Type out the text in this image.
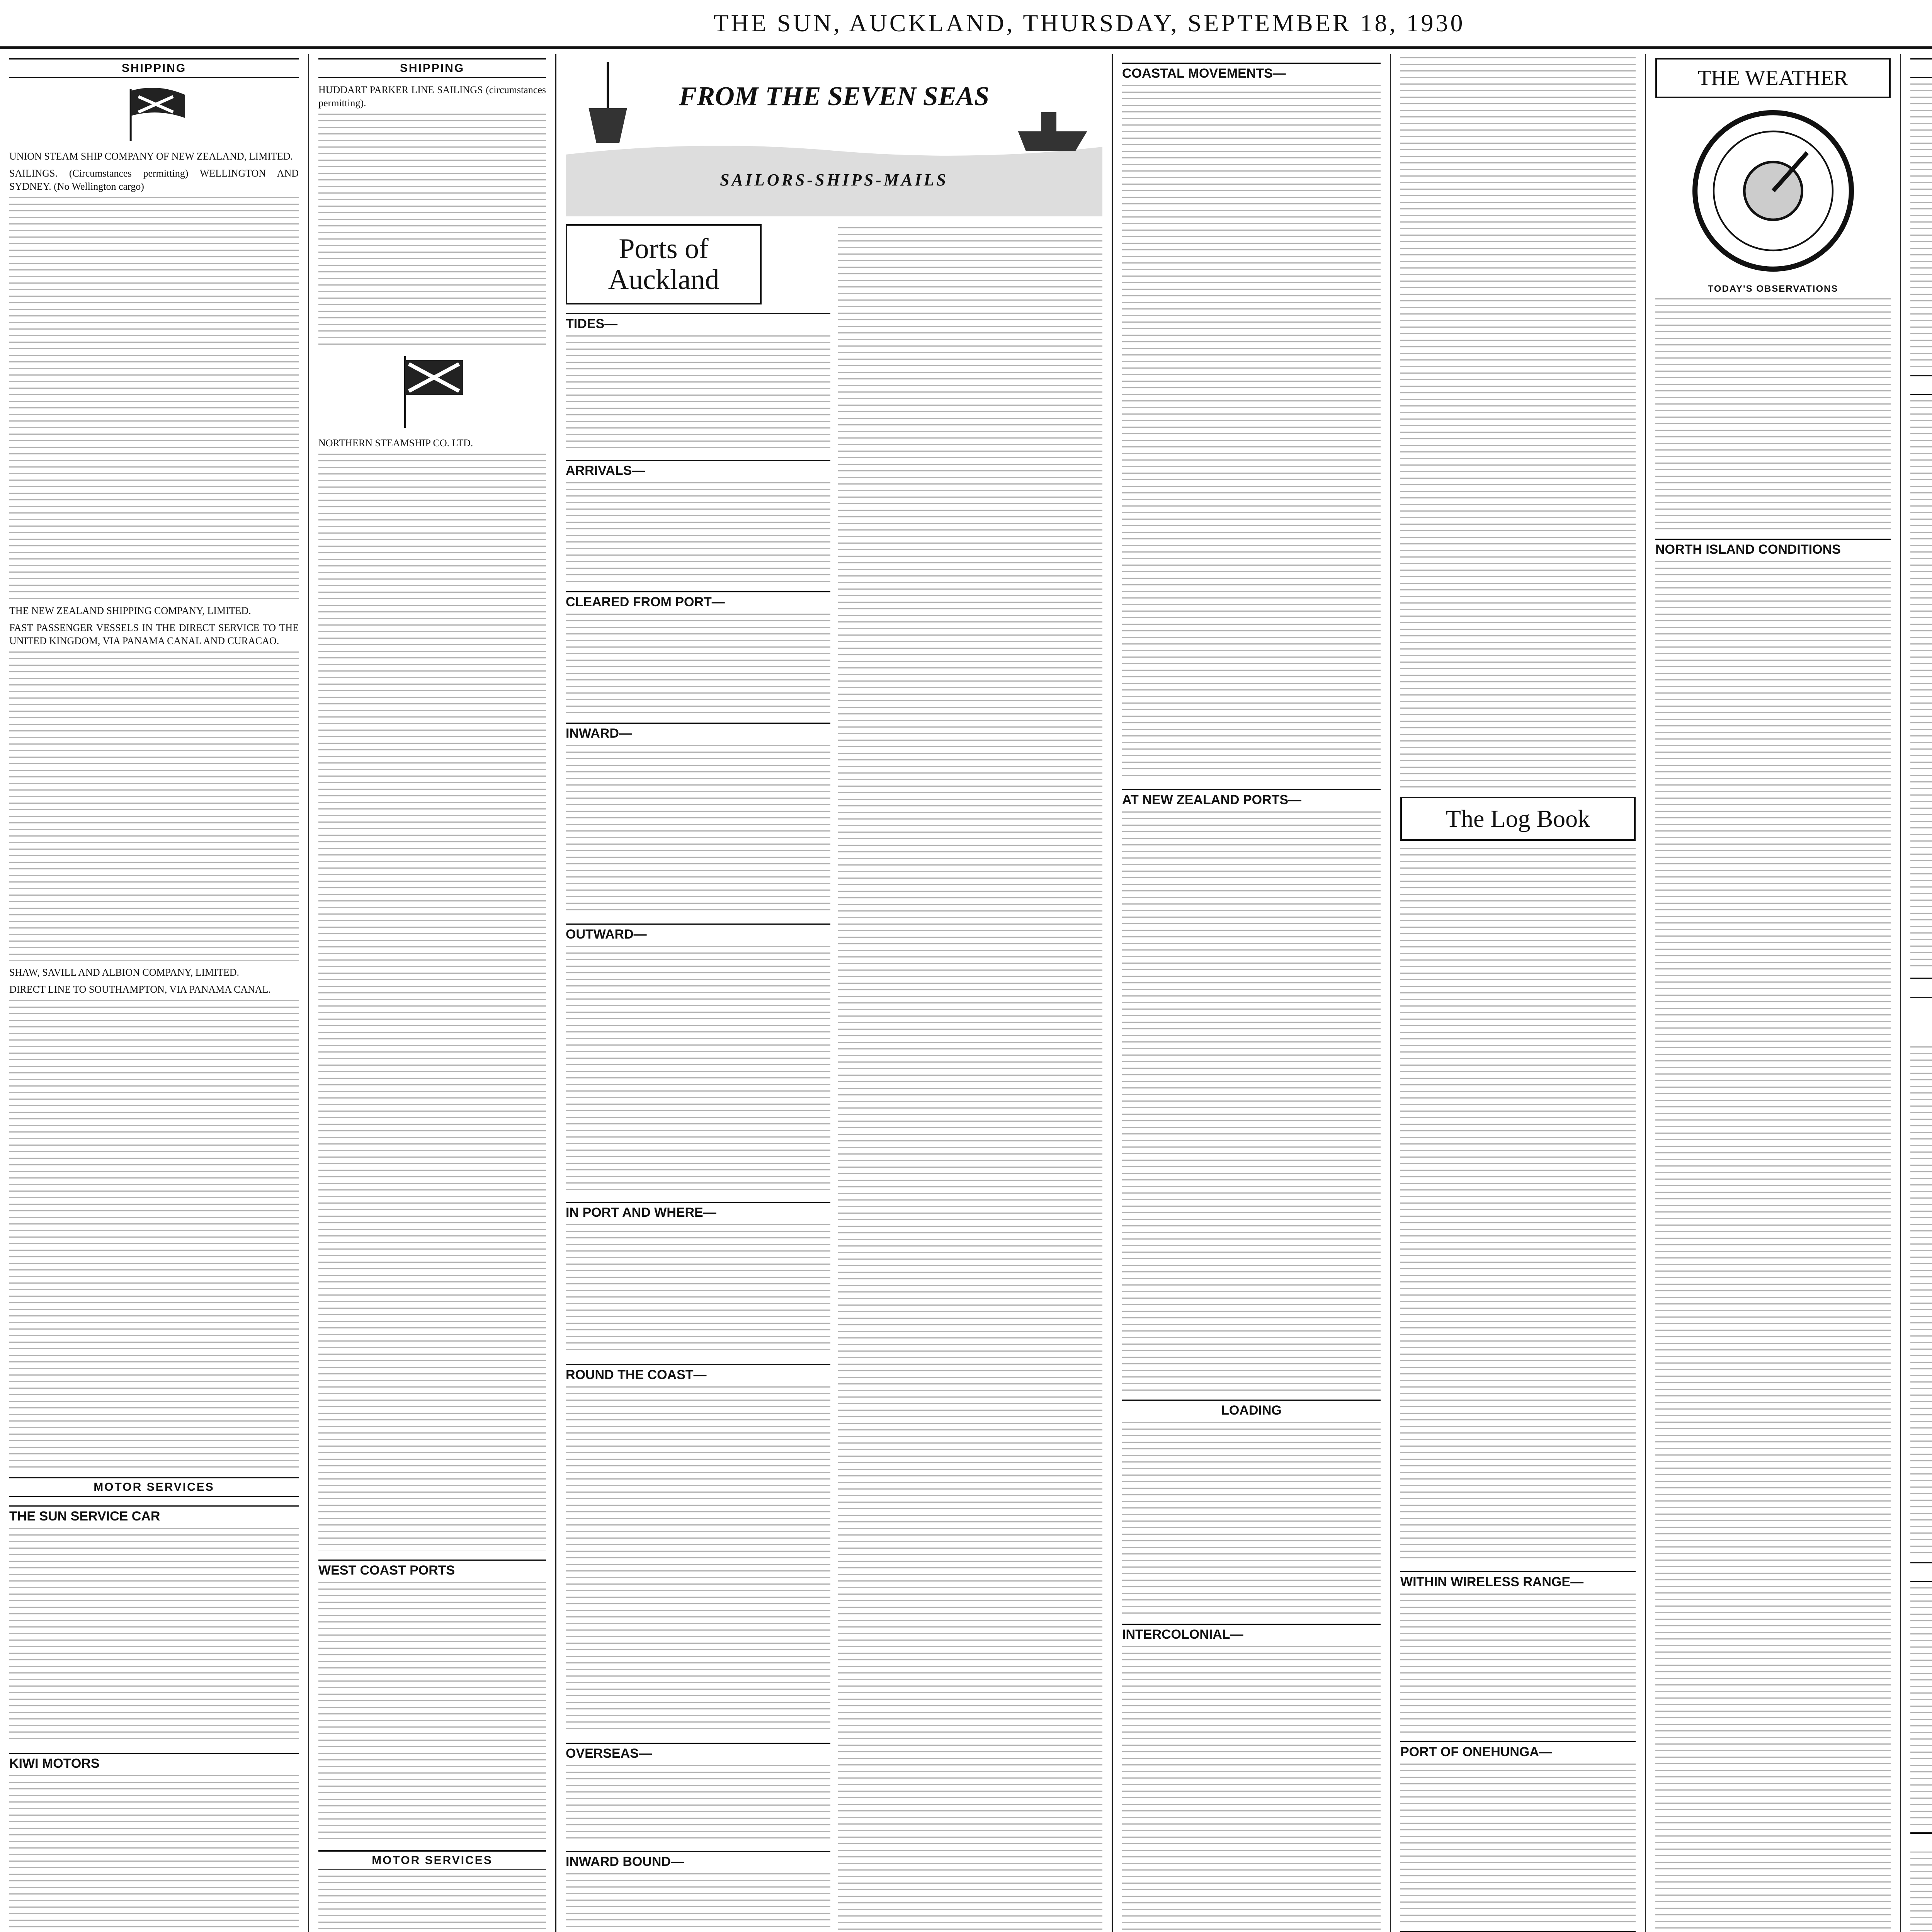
THE SUN, AUCKLAND, THURSDAY, SEPTEMBER 18, 1930
SHIPPING
UNION STEAM SHIP COMPANY OF NEW ZEALAND, LIMITED.
SAILINGS. (Circumstances permitting) WELLINGTON AND SYDNEY. (No Wellington cargo)
THE NEW ZEALAND SHIPPING COMPANY, LIMITED.
FAST PASSENGER VESSELS IN THE DIRECT SERVICE TO THE UNITED KINGDOM, VIA PANAMA CANAL AND CURACAO.
SHAW, SAVILL AND ALBION COMPANY, LIMITED.
DIRECT LINE TO SOUTHAMPTON, VIA PANAMA CANAL.
MOTOR SERVICES
THE SUN SERVICE CAR
KIWI MOTORS
SHIPPING
HUDDART PARKER LINE SAILINGS (circumstances permitting).
NORTHERN STEAMSHIP CO. LTD.
WEST COAST PORTS
MOTOR SERVICES
FROM THE SEVEN SEAS
SAILORS-SHIPS-MAILS
Ports of Auckland
TIDES—
ARRIVALS—
CLEARED FROM PORT—
INWARD—
OUTWARD—
IN PORT AND WHERE—
ROUND THE COAST—
OVERSEAS—
INWARD BOUND—
COASTAL MOVEMENTS—
AT NEW ZEALAND PORTS—
LOADING
INTERCOLONIAL—
The Log Book
WITHIN WIRELESS RANGE—
PORT OF ONEHUNGA—
THE WEATHER
TODAY'S OBSERVATIONS
NORTH ISLAND CONDITIONS
